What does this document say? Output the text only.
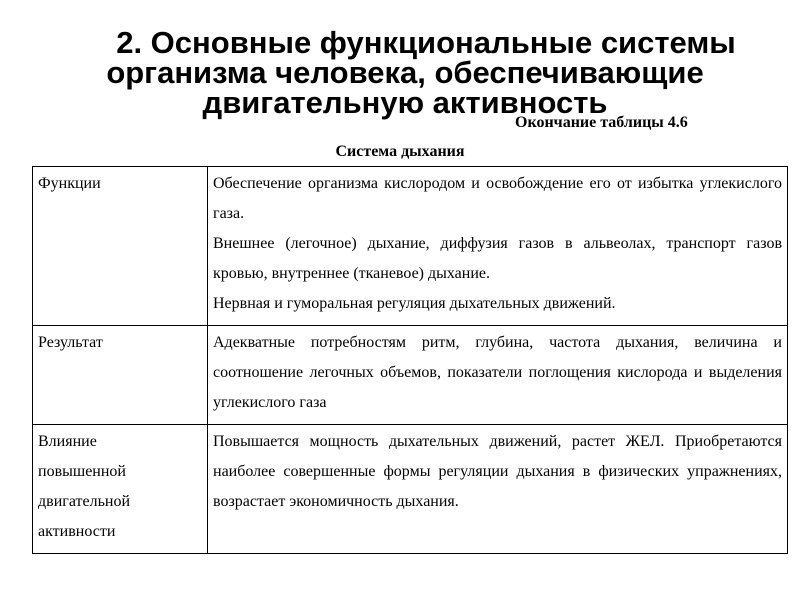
2. Основные функциональные системы
организма человека, обеспечивающие
двигательную активность
Окончание таблицы 4.6
Система дыхания
Функции	Обеспечение организма кислородом и освобождение его от избытка углекислого газа.
Внешнее (легочное) дыхание, диффузия газов в альвеолах, транспорт газов кровью, внутреннее (тканевое) дыхание.
Нервная и гуморальная регуляция дыхательных движений.

Результат	Адекватные потребностям ритм, глубина, частота дыхания, величина и соотношение легочных объемов, показатели поглощения кислорода и выделения углекислого газа

Влияние
повышенной
двигательной
активности	Повышается мощность дыхательных движений, растет ЖЕЛ. Приобретаются наиболее совершенные формы регуляции дыхания в физических упражнениях, возрастает экономичность дыхания.
